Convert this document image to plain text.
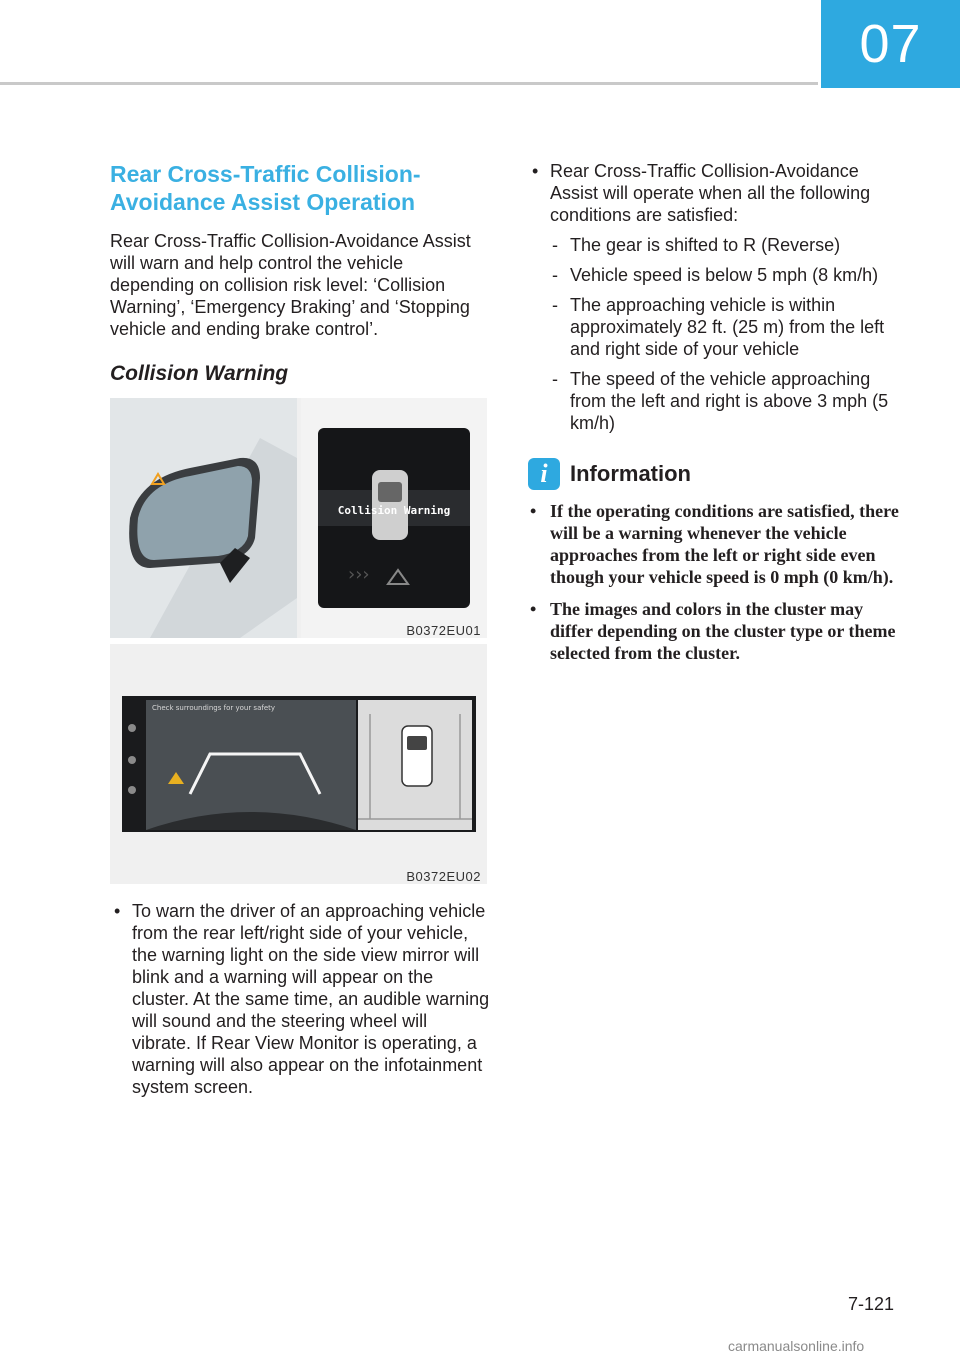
07
Rear Cross-Traffic Collision-Avoidance Assist Operation

Rear Cross-Traffic Collision-Avoidance Assist will warn and help control the vehicle depending on collision risk level: ‘Collision Warning’, ‘Emergency Braking’ and ‘Stopping vehicle and ending brake control’.

Collision Warning
Collision Warning
›››
B0372EU01
Check surroundings for your safety
B0372EU02
• To warn the driver of an approaching vehicle from the rear left/right side of your vehicle, the warning light on the side view mirror will blink and a warning will appear on the cluster. At the same time, an audible warning will sound and the steering wheel will vibrate. If Rear View Monitor is operating, a warning will also appear on the infotainment system screen.
• Rear Cross-Traffic Collision-Avoidance Assist will operate when all the following conditions are satisfied:
- The gear is shifted to R (Reverse)
- Vehicle speed is below 5 mph (8 km/h)
- The approaching vehicle is within approximately 82 ft. (25 m) from the left and right side of your vehicle
- The speed of the vehicle approaching from the left and right is above 3 mph (5 km/h)
i	Information
• If the operating conditions are satisfied, there will be a warning whenever the vehicle approaches from the left or right side even though your vehicle speed is 0 mph (0 km/h).
• The images and colors in the cluster may differ depending on the cluster type or theme selected from the cluster.
7-121
carmanualsonline.info
